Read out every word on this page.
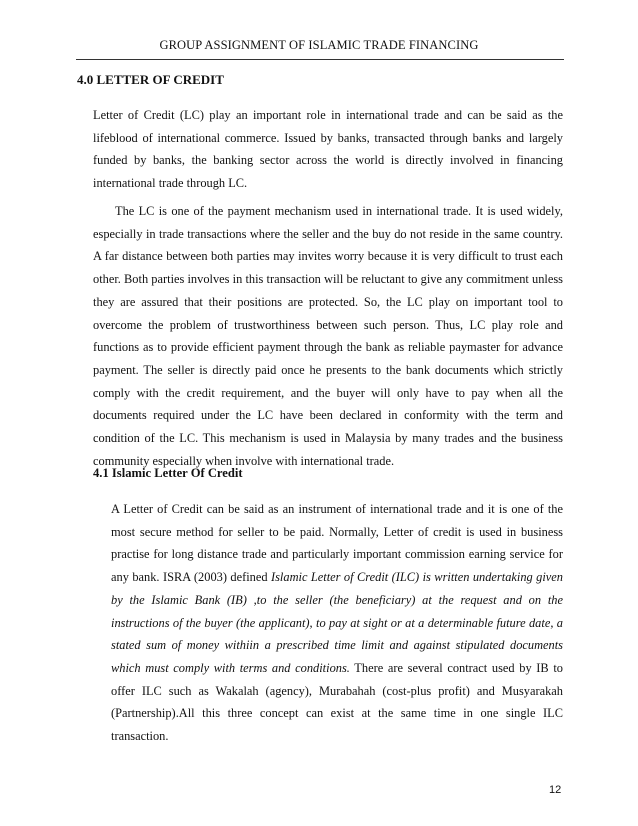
GROUP ASSIGNMENT OF ISLAMIC TRADE FINANCING
4.0 LETTER OF CREDIT

Letter of Credit (LC) play an important role in international trade and can be said as the lifeblood of international commerce. Issued by banks, transacted through banks and largely funded by banks, the banking sector across the world is directly involved in financing international trade through LC.

The LC is one of the payment mechanism used in international trade. It is used widely, especially in trade transactions where the seller and the buy do not reside in the same country. A far distance between both parties may invites worry because it is very difficult to trust each other. Both parties involves in this transaction will be reluctant to give any commitment unless they are assured that their positions are protected. So, the LC play on important tool to overcome the problem of trustworthiness between such person. Thus, LC play role and functions as to provide efficient payment through the bank as reliable paymaster for advance payment. The seller is directly paid once he presents to the bank documents which strictly comply with the credit requirement, and the buyer will only have to pay when all the documents required under the LC have been declared in conformity with the term and condition of the LC. This mechanism is used in Malaysia by many trades and the business community especially when involve with international trade.

4.1 Islamic Letter Of Credit

A Letter of Credit can be said as an instrument of international trade and it is one of the most secure method for seller to be paid. Normally, Letter of credit is used in business practise for long distance trade and particularly important commission earning service for any bank. ISRA (2003) defined Islamic Letter of Credit (ILC) is written undertaking given by the Islamic Bank (IB) ,to the seller (the beneficiary) at the request and on the instructions of the buyer (the applicant), to pay at sight or at a determinable future date, a stated sum of money withiin a prescribed time limit and against stipulated documents which must comply with terms and conditions. There are several contract used by IB to offer ILC such as Wakalah (agency), Murabahah (cost-plus profit) and Musyarakah (Partnership).All this three concept can exist at the same time in one single ILC transaction.

12
